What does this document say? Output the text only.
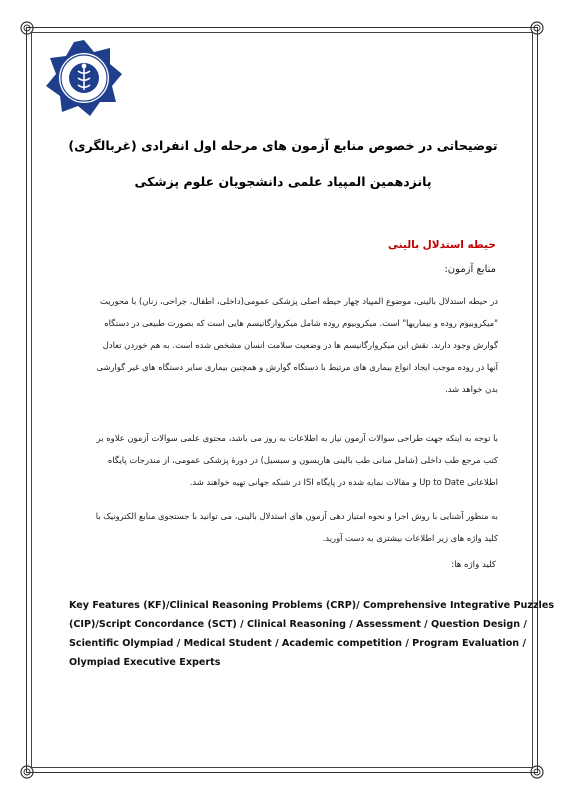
توضیحاتی در خصوص منابع آزمون های مرحله اول انفرادی (غربالگری)
پانزدهمین المپیاد علمی دانشجویان علوم پزشکی
حیطه استدلال بالینی
منابع آزمون:
در حیطه استدلال بالینی، موضوع المپیاد چهار حیطه اصلی پزشکی عمومی(داخلی، اطفال، جراحی، زنان) با محوریت
"میکروبیوم روده و بیماریها" است. میکروبیوم روده شامل میکروارگانیسم هایی است که بصورت طبیعی در دستگاه
گوارش وجود دارند. نقش این میکروارگانیسم ها در وضعیت سلامت انسان مشخص شده است. به هم خوردن تعادل
آنها در روده موجب ایجاد انواع بیماری های مرتبط با دستگاه گوارش و همچنین بیماری سایر دستگاه های غیر گوارشی
بدن خواهد شد.
با توجه به اینکه جهت طراحی سوالات آزمون نیاز به اطلاعات به روز می باشد، محتوی علمی سوالات آزمون علاوه بر
کتب مرجع طب داخلی (شامل مبانی طب بالینی هاریسون و سیسیل) در دورهٔ پزشکی عمومی، از مندرجات پایگاه
اطلاعاتی Up to Date و مقالات نمایه شده در پایگاه ISI در شبکه جهانی تهیه خواهند شد.
به منظور آشنایی با روش اجرا و نحوه امتیاز دهی آزمون های استدلال بالینی، می توانید با جستجوی منابع الکترونیک با
کلید واژه های زیر اطلاعات بیشتری به دست آورید.
کلید واژه ها:
Key Features (KF)/Clinical Reasoning Problems (CRP)/ Comprehensive Integrative Puzzles
(CIP)/Script Concordance (SCT) / Clinical Reasoning / Assessment / Question Design /
Scientific Olympiad / Medical Student / Academic competition / Program Evaluation /
Olympiad Executive Experts
